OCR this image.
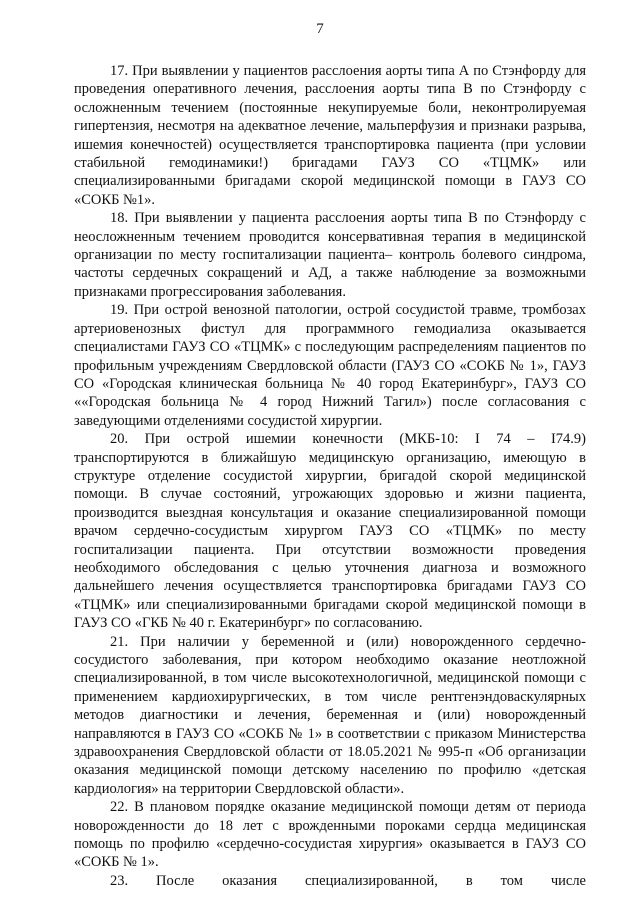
7

17. При выявлении у пациентов расслоения аорты типа А по Стэнфорду для проведения оперативного лечения, расслоения аорты типа В по Стэнфорду с осложненным течением (постоянные некупируемые боли, неконтролируемая гипертензия, несмотря на адекватное лечение, мальперфузия и признаки разрыва, ишемия конечностей) осуществляется транспортировка пациента (при условии стабильной гемодинамики!) бригадами ГАУЗ СО «ТЦМК» или специализированными бригадами скорой медицинской помощи в ГАУЗ СО «СОКБ №1».

18. При выявлении у пациента расслоения аорты типа В по Стэнфорду с неосложненным течением проводится консервативная терапия в медицинской организации по месту госпитализации пациента– контроль болевого синдрома, частоты сердечных сокращений и АД, а также наблюдение за возможными признаками прогрессирования заболевания.

19. При острой венозной патологии, острой сосудистой травме, тромбозах артериовенозных фистул для программного гемодиализа оказывается специалистами ГАУЗ СО «ТЦМК» с последующим распределениям пациентов по профильным учреждениям Свердловской области (ГАУЗ СО «СОКБ № 1», ГАУЗ СО «Городская клиническая больница № 40 город Екатеринбург», ГАУЗ СО ««Городская больница № 4 город Нижний Тагил») после согласования с заведующими отделениями сосудистой хирургии.

20. При острой ишемии конечности (МКБ-10: I 74 – I74.9) транспортируются в ближайшую медицинскую организацию, имеющую в структуре отделение сосудистой хирургии, бригадой скорой медицинской помощи. В случае состояний, угрожающих здоровью и жизни пациента, производится выездная консультация и оказание специализированной помощи врачом сердечно-сосудистым хирургом ГАУЗ СО «ТЦМК» по месту госпитализации пациента. При отсутствии возможности проведения необходимого обследования с целью уточнения диагноза и возможного дальнейшего лечения осуществляется транспортировка бригадами ГАУЗ СО «ТЦМК» или специализированными бригадами скорой медицинской помощи в ГАУЗ СО «ГКБ № 40 г. Екатеринбург» по согласованию.

21. При наличии у беременной и (или) новорожденного сердечно-сосудистого заболевания, при котором необходимо оказание неотложной специализированной, в том числе высокотехнологичной, медицинской помощи с применением кардиохирургических, в том числе рентгенэндоваскулярных методов диагностики и лечения, беременная и (или) новорожденный направляются в ГАУЗ СО «СОКБ № 1» в соответствии с приказом Министерства здравоохранения Свердловской области от 18.05.2021 № 995-п «Об организации оказания медицинской помощи детскому населению по профилю «детская кардиология» на территории Свердловской области».

22. В плановом порядке оказание медицинской помощи детям от периода новорожденности до 18 лет с врожденными пороками сердца медицинская помощь по профилю «сердечно-сосудистая хирургия» оказывается в ГАУЗ СО «СОКБ № 1».

23. После оказания специализированной, в том числе
